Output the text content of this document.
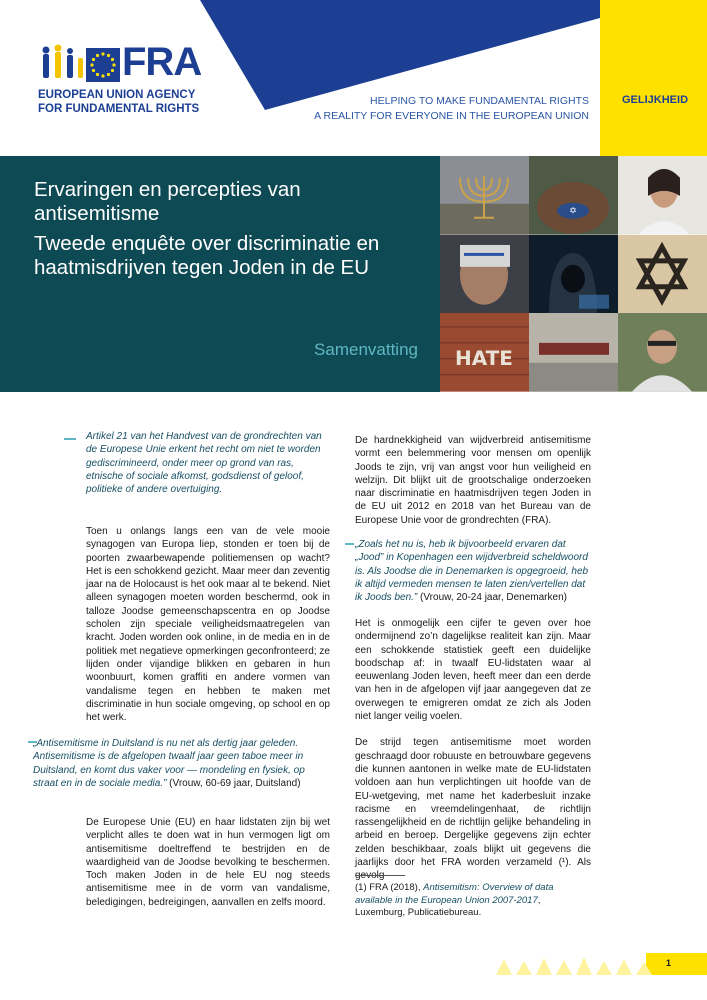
FRA
EUROPEAN UNION AGENCY
FOR FUNDAMENTAL RIGHTS
HELPING TO MAKE FUNDAMENTAL RIGHTS
A REALITY FOR EVERYONE IN THE EUROPEAN UNION
GELIJKHEID
Ervaringen en percepties van antisemitisme
Tweede enquête over discriminatie en haatmisdrijven tegen Joden in de EU
Samenvatting
✡
HATE

Artikel 21 van het Handvest van de grondrechten van de Europese Unie erkent het recht om niet te worden gediscrimineerd, onder meer op grond van ras, etnische of sociale afkomst, godsdienst of geloof, politieke of andere overtuiging.

Toen u onlangs langs een van de vele mooie synagogen van Europa liep, stonden er toen bij de poorten zwaarbewapende politiemensen op wacht? Het is een schokkend gezicht. Maar meer dan zeventig jaar na de Holocaust is het ook maar al te bekend. Niet alleen synagogen moeten worden beschermd, ook in talloze Joodse gemeenschapscentra en op Joodse scholen zijn speciale veiligheidsmaatregelen van kracht. Joden worden ook online, in de media en in de politiek met negatieve opmerkingen geconfronteerd; ze lijden onder vijandige blikken en gebaren in hun woonbuurt, komen graffiti en andere vormen van vandalisme tegen en hebben te maken met discriminatie in hun sociale omgeving, op school en op het werk.

„Antisemitisme in Duitsland is nu net als dertig jaar geleden. Antisemitisme is de afgelopen twaalf jaar geen taboe meer in Duitsland, en komt dus vaker voor — mondeling en fysiek, op straat en in de sociale media.” (Vrouw, 60-69 jaar, Duitsland)

De Europese Unie (EU) en haar lidstaten zijn bij wet verplicht alles te doen wat in hun vermogen ligt om antisemitisme doeltreffend te bestrijden en de waardigheid van de Joodse bevolking te beschermen. Toch maken Joden in de hele EU nog steeds antisemitisme mee in de vorm van vandalisme, beledigingen, bedreigingen, aanvallen en zelfs moord.

De hardnekkigheid van wijdverbreid antisemitisme vormt een belemmering voor mensen om openlijk Joods te zijn, vrij van angst voor hun veiligheid en welzijn. Dit blijkt uit de grootschalige onderzoeken naar discriminatie en haatmisdrijven tegen Joden in de EU uit 2012 en 2018 van het Bureau van de Europese Unie voor de grondrechten (FRA).

„Zoals het nu is, heb ik bijvoorbeeld ervaren dat „Jood” in Kopenhagen een wijdverbreid scheldwoord is. Als Joodse die in Denemarken is opgegroeid, heb ik altijd vermeden mensen te laten zien/vertellen dat ik Joods ben.” (Vrouw, 20-24 jaar, Denemarken)

Het is onmogelijk een cijfer te geven over hoe ondermijnend zo’n dagelijkse realiteit kan zijn. Maar een schokkende statistiek geeft een duidelijke boodschap af: in twaalf EU-lidstaten waar al eeuwenlang Joden leven, heeft meer dan een derde van hen in de afgelopen vijf jaar aangegeven dat ze overwegen te emigreren omdat ze zich als Joden niet langer veilig voelen.

De strijd tegen antisemitisme moet worden geschraagd door robuuste en betrouwbare gegevens die kunnen aantonen in welke mate de EU-lidstaten voldoen aan hun verplichtingen uit hoofde van de EU-wetgeving, met name het kaderbesluit inzake racisme en vreemdelingenhaat, de richtlijn rassengelijkheid en de richtlijn gelijke behandeling in arbeid en beroep. Dergelijke gegevens zijn echter zelden beschikbaar, zoals blijkt uit gegevens die jaarlijks door het FRA worden verzameld (¹). Als

(1) FRA (2018), Antisemitism: Overview of data available in the European Union 2007-2017, Luxemburg, Publicatiebureau.
1
